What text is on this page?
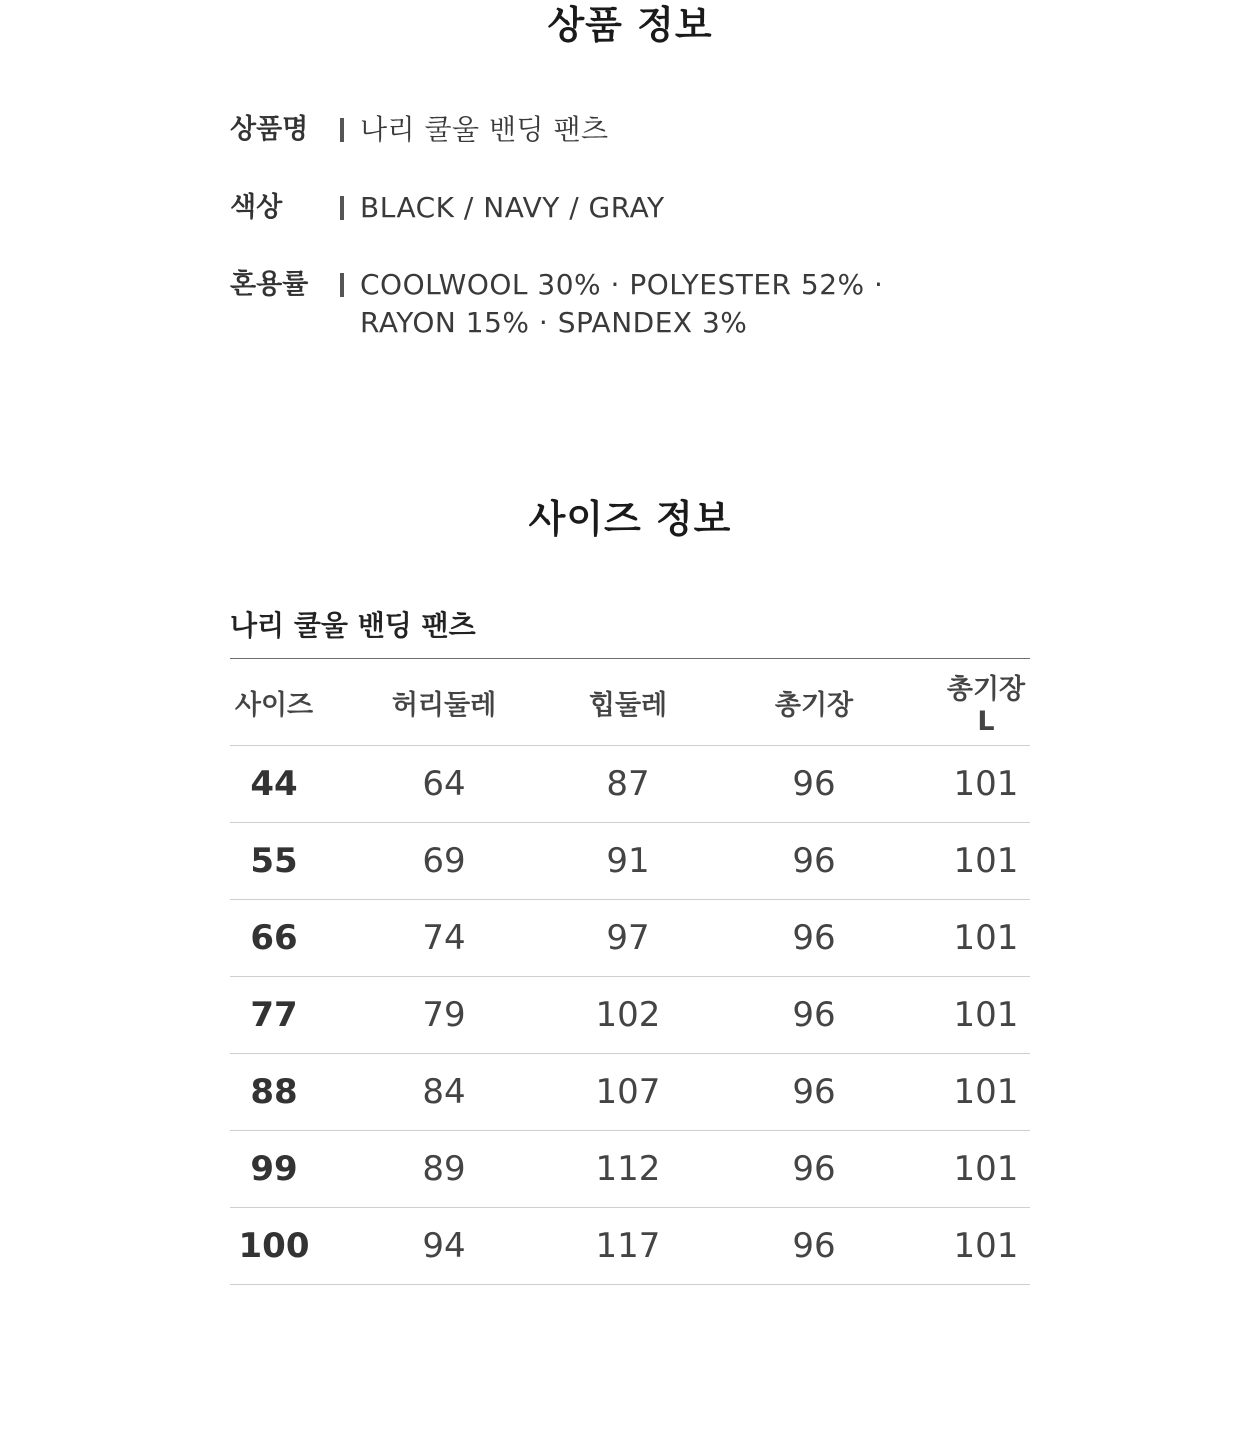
상품 정보
상품명	나리 쿨울 밴딩 팬츠
색상	BLACK / NAVY / GRAY
혼용률	COOLWOOL 30% · POLYESTER 52% ·
RAYON 15% · SPANDEX 3%
사이즈 정보
나리 쿨울 밴딩 팬츠
사이즈	허리둘레	힙둘레	총기장	총기장L
44	64	87	96	101
55	69	91	96	101
66	74	97	96	101
77	79	102	96	101
88	84	107	96	101
99	89	112	96	101
100	94	117	96	101
